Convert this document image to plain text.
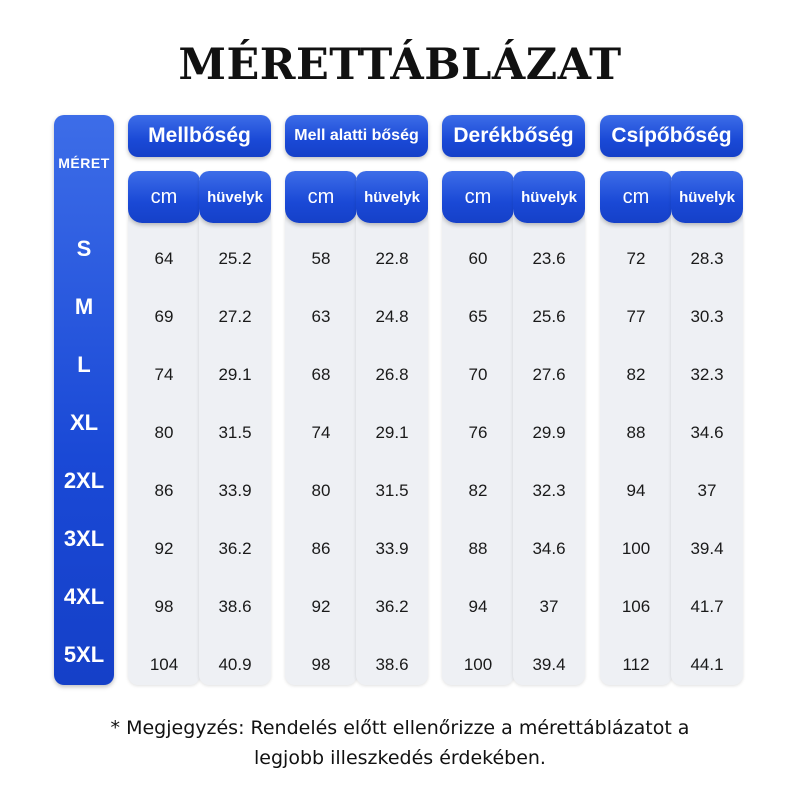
MÉRETTÁBLÁZAT
MÉRET
S
M
L
XL
2XL
3XL
4XL
5XL
Mellbőség
cm
64
69
74
80
86
92
98
104
hüvelyk
25.2
27.2
29.1
31.5
33.9
36.2
38.6
40.9
Mell alatti bőség
cm
58
63
68
74
80
86
92
98
hüvelyk
22.8
24.8
26.8
29.1
31.5
33.9
36.2
38.6
Derékbőség
cm
60
65
70
76
82
88
94
100
hüvelyk
23.6
25.6
27.6
29.9
32.3
34.6
37
39.4
Csípőbőség
cm
72
77
82
88
94
100
106
112
hüvelyk
28.3
30.3
32.3
34.6
37
39.4
41.7
44.1
* Megjegyzés: Rendelés előtt ellenőrizze a mérettáblázatot a
legjobb illeszkedés érdekében.
